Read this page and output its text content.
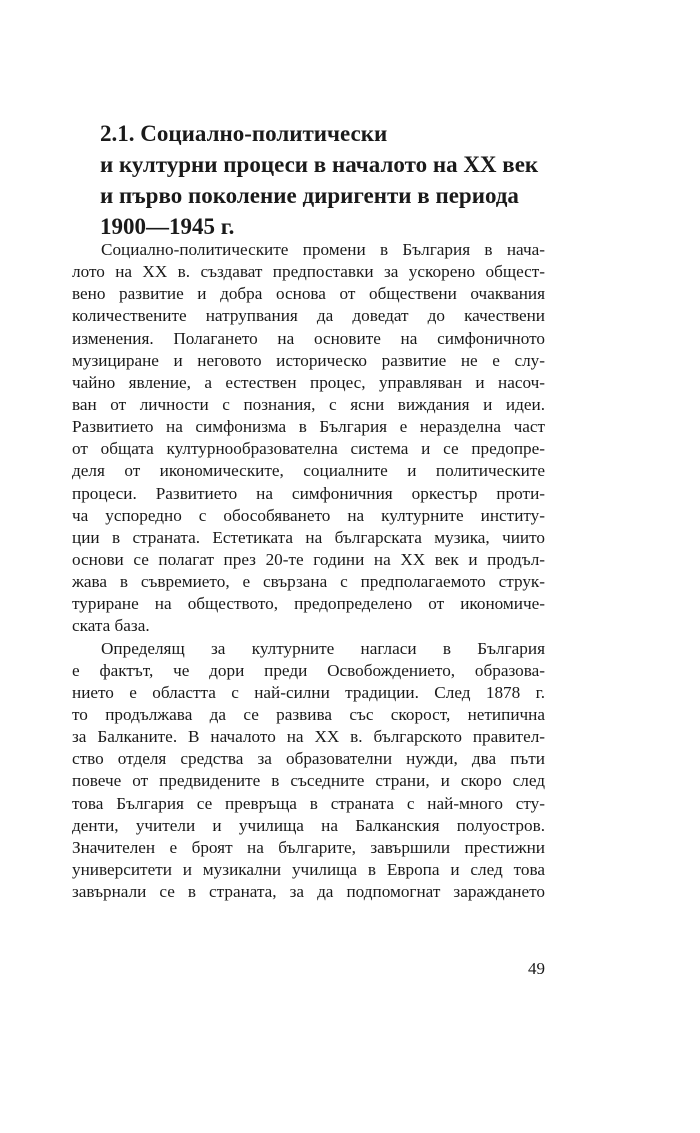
2.1. Социално-политически
и културни процеси в началото на XX век
и първо поколение диригенти в периода
1900—1945 г.
Социално-политическите промени в България в нача-
лото на XX в. създават предпоставки за ускорено общест-
вено развитие и добра основа от обществени очаквания
количествените натрупвания да доведат до качествени
изменения. Полагането на основите на симфоничното
музициране и неговото историческо развитие не е слу-
чайно явление, а естествен процес, управляван и насоч-
ван от личности с познания, с ясни виждания и идеи.
Развитието на симфонизма в България е неразделна част
от общата културнообразователна система и се предопре-
деля от икономическите, социалните и политическите
процеси. Развитието на симфоничния оркестър проти-
ча успоредно с обособяването на културните институ-
ции в страната. Естетиката на българската музика, чиито
основи се полагат през 20-те години на XX век и продъл-
жава в съвремието, е свързана с предполагаемото струк-
туриране на обществото, предопределено от икономиче-
ската база.
Определящ за културните нагласи в България
е фактът, че дори преди Освобождението, образова-
нието е областта с най-силни традиции. След 1878 г.
то продължава да се развива със скорост, нетипична
за Балканите. В началото на XX в. българското правител-
ство отделя средства за образователни нужди, два пъти
повече от предвидените в съседните страни, и скоро след
това България се превръща в страната с най-много сту-
денти, учители и училища на Балканския полуостров.
Значителен е броят на българите, завършили престижни
университети и музикални училища в Европа и след това
завърнали се в страната, за да подпомогнат зараждането
49
